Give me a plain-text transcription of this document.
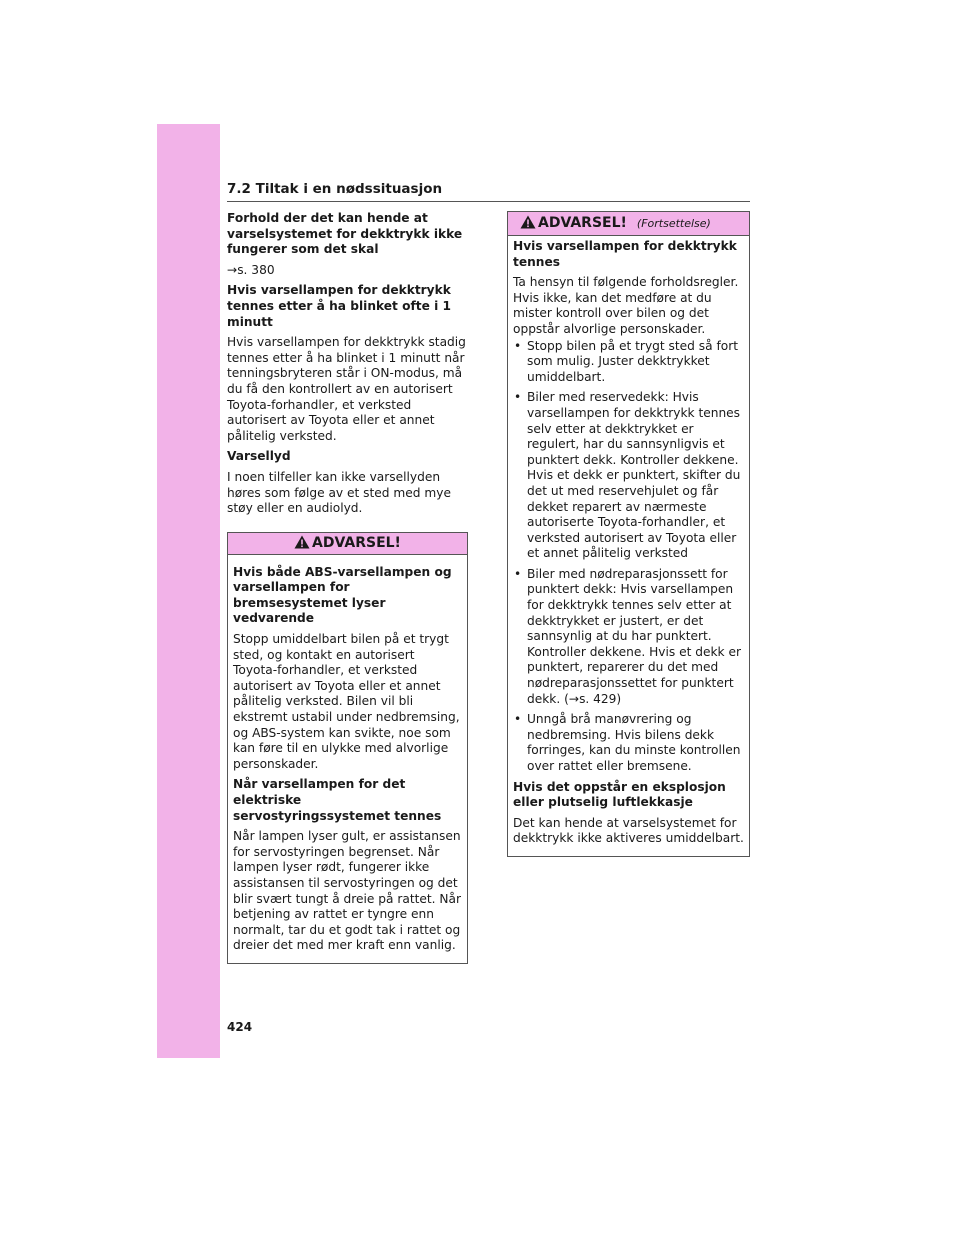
7.2 Tiltak i en nødssituasjon
Forhold der det kan hende at varselsystemet for dekktrykk ikke fungerer som det skal
→s. 380
Hvis varsellampen for dekktrykk tennes etter å ha blinket ofte i 1 minutt
Hvis varsellampen for dekktrykk stadig tennes etter å ha blinket i 1 minutt når tenningsbryteren står i ON-modus, må du få den kontrollert av en autorisert Toyota-forhandler, et verksted autorisert av Toyota eller et annet pålitelig verksted.
Varsellyd
I noen tilfeller kan ikke varsellyden høres som følge av et sted med mye støy eller en audiolyd.
ADVARSEL!
Hvis både ABS-varsellampen og varsellampen for bremsesystemet lyser vedvarende
Stopp umiddelbart bilen på et trygt sted, og kontakt en autorisert Toyota-forhandler, et verksted autorisert av Toyota eller et annet pålitelig verksted. Bilen vil bli ekstremt ustabil under nedbremsing, og ABS-system kan svikte, noe som kan føre til en ulykke med alvorlige personskader.
Når varsellampen for det elektriske servostyringssystemet tennes
Når lampen lyser gult, er assistansen for servostyringen begrenset. Når lampen lyser rødt, fungerer ikke assistansen til servostyringen og det blir svært tungt å dreie på rattet. Når betjening av rattet er tyngre enn normalt, tar du et godt tak i rattet og dreier det med mer kraft enn vanlig.
ADVARSEL! (Fortsettelse)
Hvis varsellampen for dekktrykk tennes
Ta hensyn til følgende forholdsregler. Hvis ikke, kan det medføre at du mister kontroll over bilen og det oppstår alvorlige personskader.
• Stopp bilen på et trygt sted så fort som mulig. Juster dekktrykket umiddelbart.
• Biler med reservedekk: Hvis varsellampen for dekktrykk tennes selv etter at dekktrykket er regulert, har du sannsynligvis et punktert dekk. Kontroller dekkene. Hvis et dekk er punktert, skifter du det ut med reservehjulet og får dekket reparert av nærmeste autoriserte Toyota-forhandler, et verksted autorisert av Toyota eller et annet pålitelig verksted
• Biler med nødreparasjonssett for punktert dekk: Hvis varsellampen for dekktrykk tennes selv etter at dekktrykket er justert, er det sannsynlig at du har punktert. Kontroller dekkene. Hvis et dekk er punktert, reparerer du det med nødreparasjonssettet for punktert dekk. (→s. 429)
• Unngå brå manøvrering og nedbremsing. Hvis bilens dekk forringes, kan du minste kontrollen over rattet eller bremsene.
Hvis det oppstår en eksplosjon eller plutselig luftlekkasje
Det kan hende at varselsystemet for dekktrykk ikke aktiveres umiddelbart.
424
